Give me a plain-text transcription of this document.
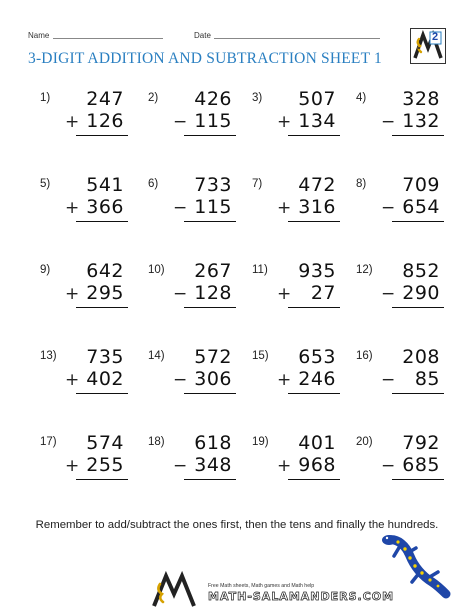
Name	Date
3-DIGIT ADDITION AND SUBTRACTION SHEET 1
2
1) 247
+ 126
2) 426
− 115
3) 507
+ 134
4) 328
− 132
5) 541
+ 366
6) 733
− 115
7) 472
+ 316
8) 709
− 654
9) 642
+ 295
10) 267
− 128
11) 935
+ 27
12) 852
− 290
13) 735
+ 402
14) 572
− 306
15) 653
+ 246
16) 208
− 85
17) 574
+ 255
18) 618
− 348
19) 401
+ 968
20) 792
− 685
Remember to add/subtract the ones first, then the tens and finally the hundreds.
Free Math sheets, Math games and Math help
MATH-SALAMANDERS.COM
